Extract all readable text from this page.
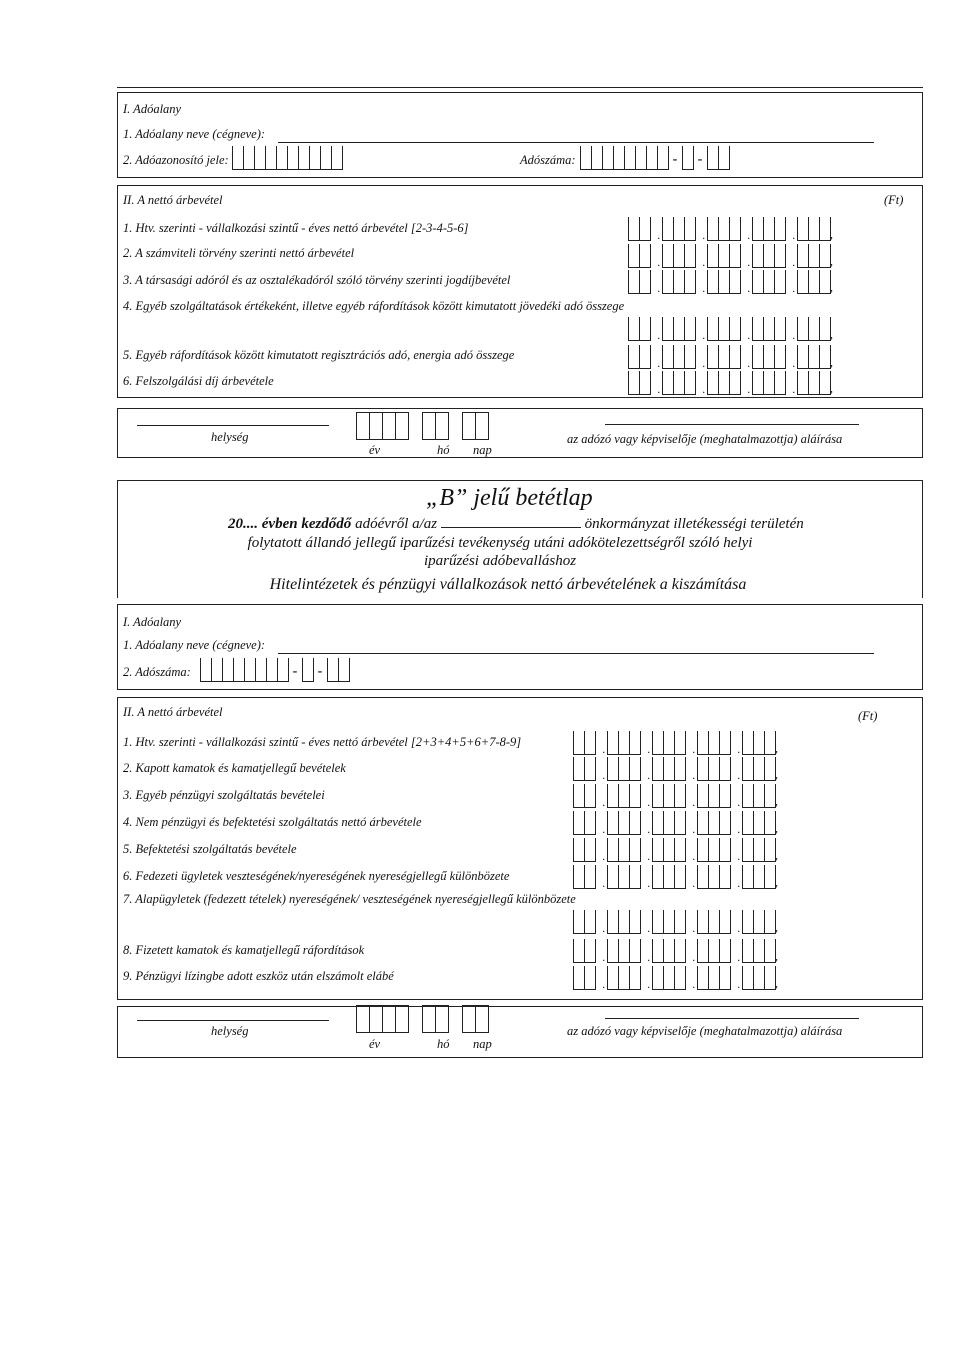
I. Adóalany
1. Adóalany neve (cégneve):
2. Adóazonosító jele:	Adószáma:	-	-
II. A nettó árbevétel	(Ft)
1. Htv. szerinti - vállalkozási szintű - éves nettó árbevétel [2-3-4-5-6]	.	.	.	.	,
2. A számviteli törvény szerinti nettó árbevétel
.	.	.	.	,
3. A társasági adóról és az osztalékadóról szóló törvény szerinti jogdíjbevétel
.	.	.	.	,
4. Egyéb szolgáltatások értékeként, illetve egyéb ráfordítások között kimutatott jövedéki adó összege
.	.	.	.	,
5. Egyéb ráfordítások között kimutatott regisztrációs adó, energia adó összege
.	.	.	.	,
6. Felszolgálási díj árbevétele
.	.	.	.	,
helység
év	hó nap
az adózó vagy képviselője (meghatalmazottja) aláírása
„B” jelű betétlap
20.... évben kezdődő adóévről a/az	önkormányzat illetékességi területén
folytatott állandó jellegű iparűzési tevékenység utáni adókötelezettségről szóló helyi
iparűzési adóbevalláshoz
Hitelintézetek és pénzügyi vállalkozások nettó árbevételének a kiszámítása
I. Adóalany
1. Adóalany neve (cégneve):
2. Adószáma:	-	-
II. A nettó árbevétel	(Ft)
1. Htv. szerinti - vállalkozási szintű - éves nettó árbevétel [2+3+4+5+6+7-8-9]	.	.	.	.	,
2. Kapott kamatok és kamatjellegű bevételek	.	.	.	.	,
3. Egyéb pénzügyi szolgáltatás bevételei	.	.	.	.	,
4. Nem pénzügyi és befektetési szolgáltatás nettó árbevétele	.	.	.	.	,
5. Befektetési szolgáltatás bevétele	.	.	.	.	,
6. Fedezeti ügyletek veszteségének/nyereségének nyereségjellegű különbözete	.	.	.	.	,
7. Alapügyletek (fedezett tételek) nyereségének/ veszteségének nyereségjellegű különbözete
.	.	.	.	,
8. Fizetett kamatok és kamatjellegű ráfordítások	.	.	.	.	,
9. Pénzügyi lízingbe adott eszköz után elszámolt elábé
.	.	.	.	,
helység
év	hó nap
az adózó vagy képviselője (meghatalmazottja) aláírása
